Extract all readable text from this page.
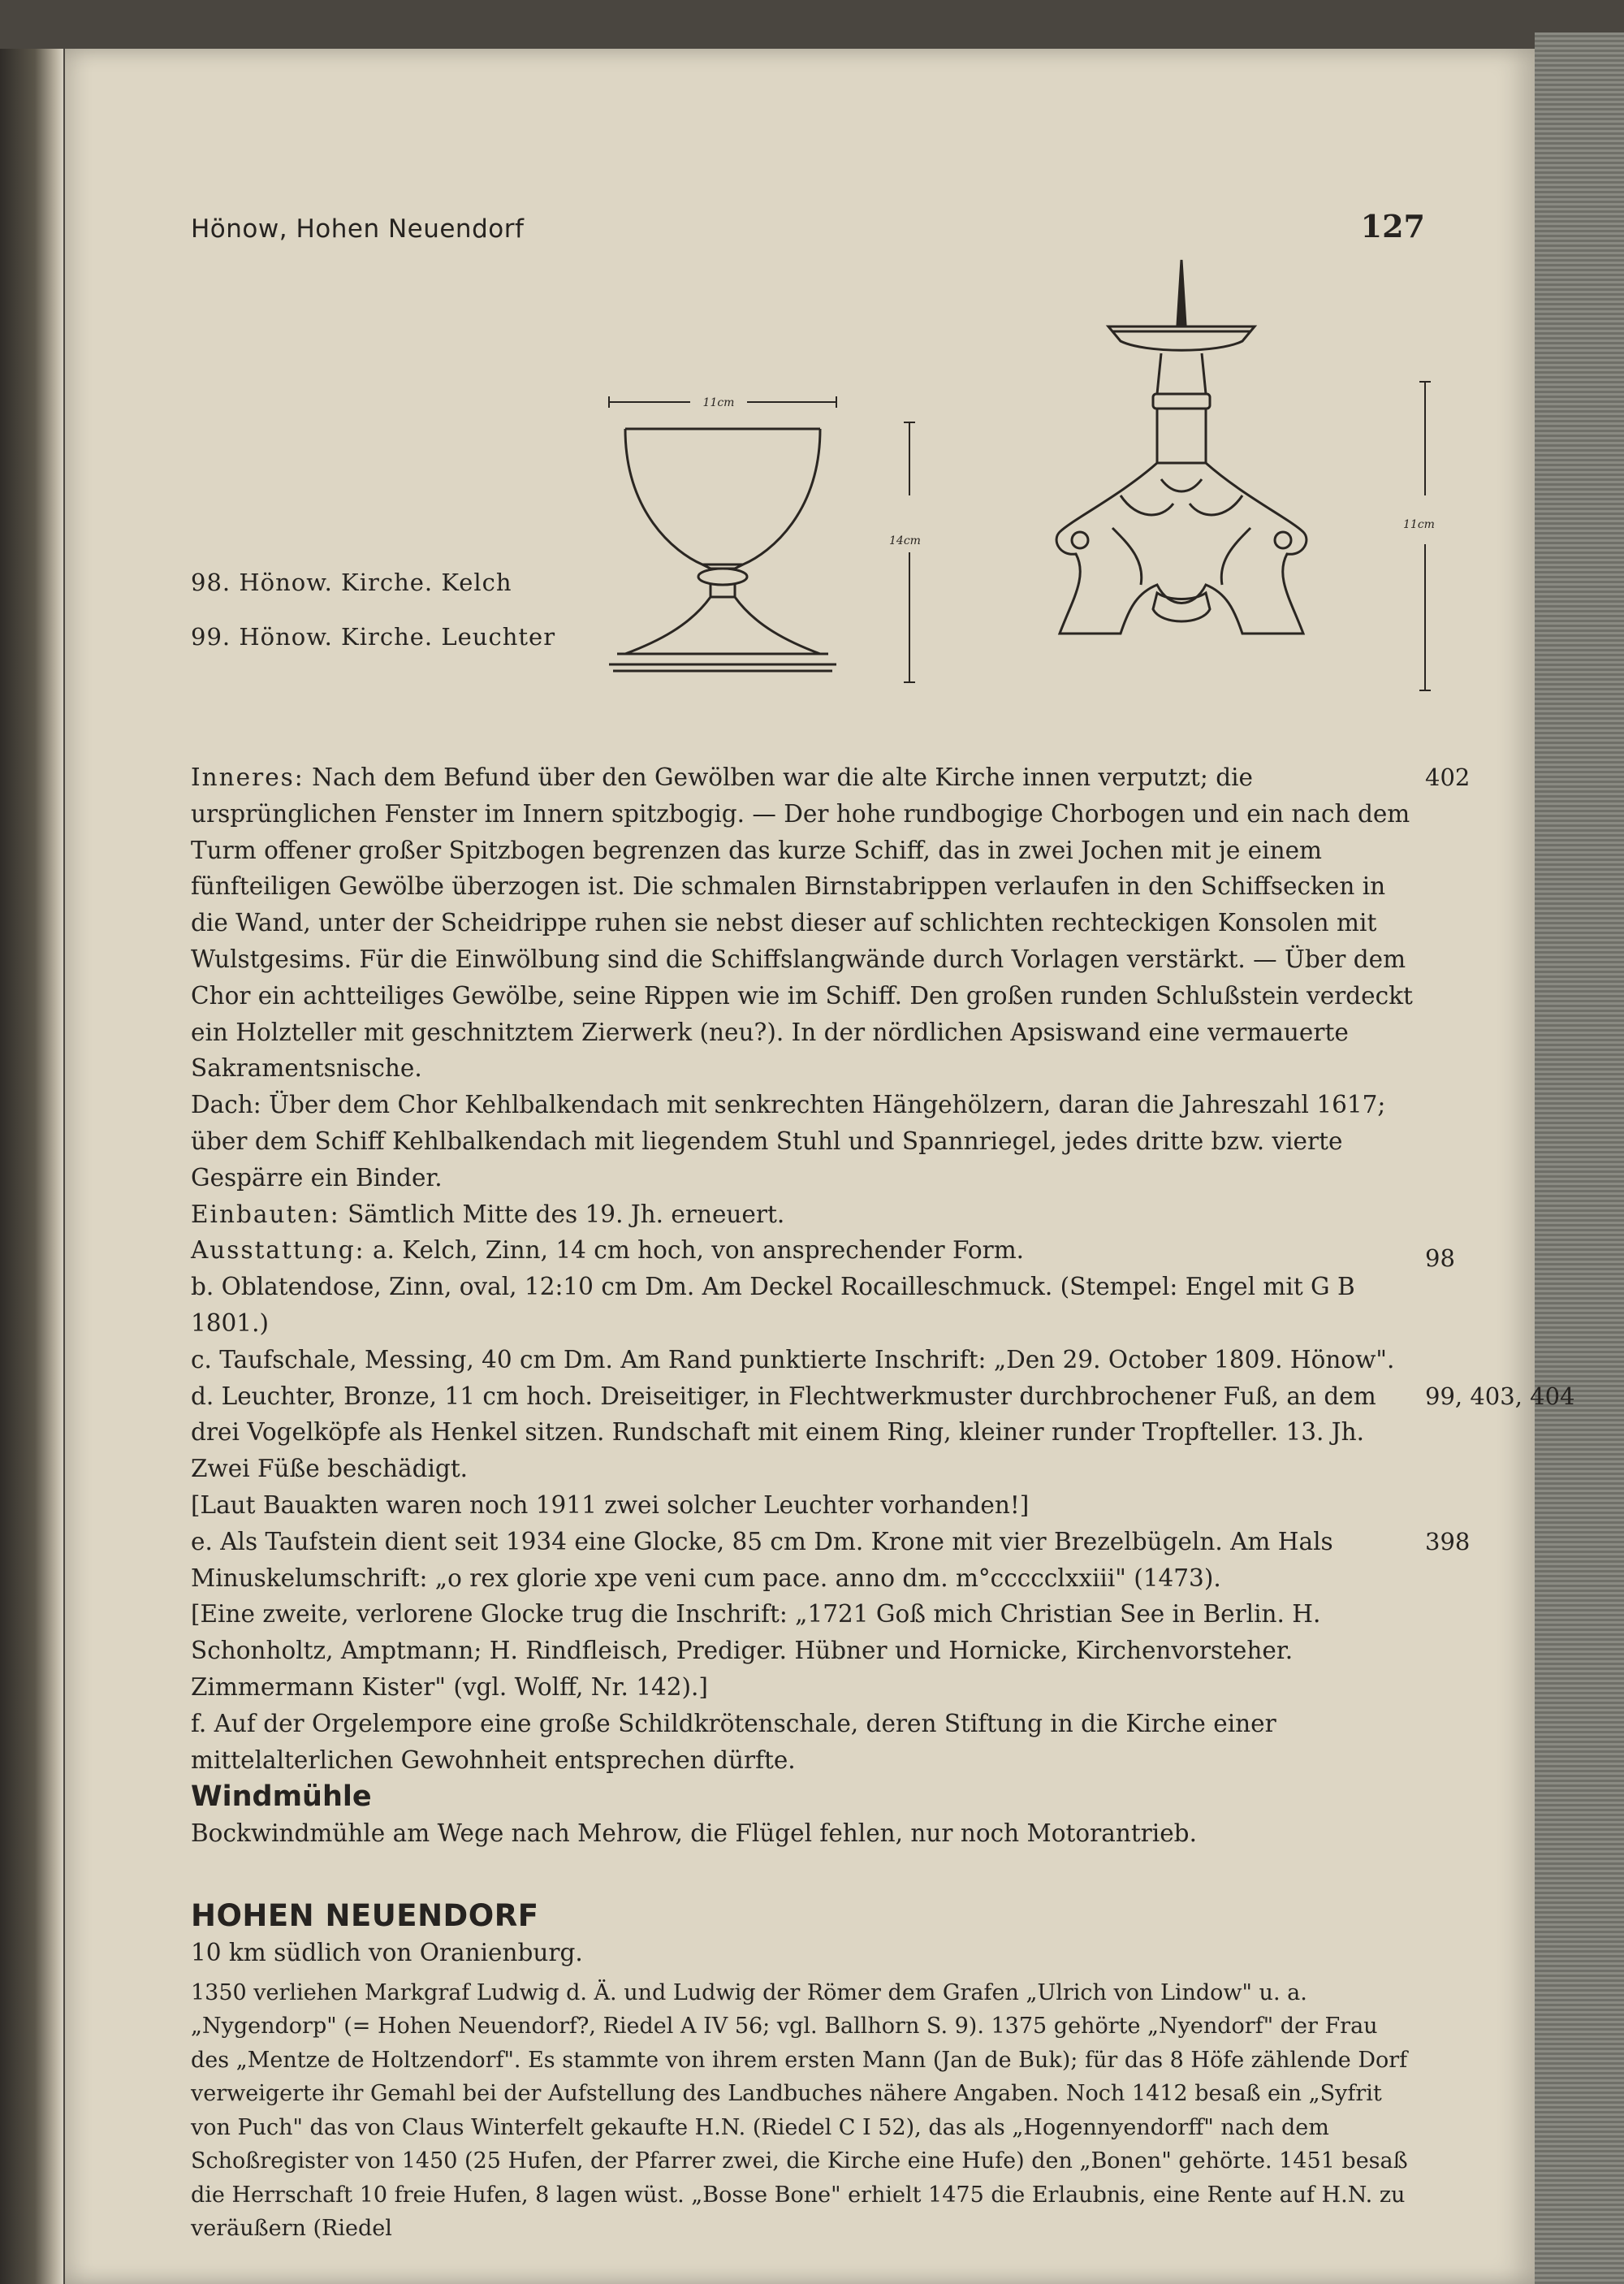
Hönow, Hohen Neuendorf	127
11cm
14cm
11cm
98. Hönow. Kirche. Kelch
99. Hönow. Kirche. Leuchter

Inneres: Nach dem Befund über den Gewölben war die alte Kirche innen verputzt; die ursprünglichen Fenster im Innern spitzbogig. — Der hohe rundbogige Chorbogen und ein nach dem Turm offener großer Spitzbogen begrenzen das kurze Schiff, das in zwei Jochen mit je einem fünfteiligen Gewölbe überzogen ist. Die schmalen Birnstabrippen verlaufen in den Schiffsecken in die Wand, unter der Scheidrippe ruhen sie nebst dieser auf schlichten rechteckigen Konsolen mit Wulstgesims. Für die Einwölbung sind die Schiffslangwände durch Vorlagen verstärkt. — Über dem Chor ein achtteiliges Gewölbe, seine Rippen wie im Schiff. Den großen runden Schlußstein verdeckt ein Holzteller mit geschnitztem Zierwerk (neu?). In der nördlichen Apsiswand eine vermauerte Sakramentsnische.
402

Dach: Über dem Chor Kehlbalkendach mit senkrechten Hängehölzern, daran die Jahreszahl 1617; über dem Schiff Kehlbalkendach mit liegendem Stuhl und Spannriegel, jedes dritte bzw. vierte Gespärre ein Binder.

Einbauten: Sämtlich Mitte des 19. Jh. erneuert.

Ausstattung: a. Kelch, Zinn, 14 cm hoch, von ansprechender Form.	98

b. Oblatendose, Zinn, oval, 12:10 cm Dm. Am Deckel Rocailleschmuck. (Stempel: Engel mit G B 1801.)

c. Taufschale, Messing, 40 cm Dm. Am Rand punktierte Inschrift: „Den 29. October 1809. Hönow".

d. Leuchter, Bronze, 11 cm hoch. Dreiseitiger, in Flechtwerkmuster durchbrochener Fuß, an dem drei Vogelköpfe als Henkel sitzen. Rundschaft mit einem Ring, kleiner runder Tropfteller. 13. Jh. Zwei Füße beschädigt.
99, 403, 404

[Laut Bauakten waren noch 1911 zwei solcher Leuchter vorhanden!]

e. Als Taufstein dient seit 1934 eine Glocke, 85 cm Dm. Krone mit vier Brezelbügeln. Am Hals Minuskelumschrift: „o rex glorie xpe veni cum pace. anno dm. m°ccccclxxiii" (1473).
398

[Eine zweite, verlorene Glocke trug die Inschrift: „1721 Goß mich Christian See in Berlin. H. Schonholtz, Amptmann; H. Rindfleisch, Prediger. Hübner und Hornicke, Kirchenvorsteher. Zimmermann Kister" (vgl. Wolff, Nr. 142).]

f. Auf der Orgelempore eine große Schildkrötenschale, deren Stiftung in die Kirche einer mittelalterlichen Gewohnheit entsprechen dürfte.

Windmühle

Bockwindmühle am Wege nach Mehrow, die Flügel fehlen, nur noch Motorantrieb.

HOHEN NEUENDORF

10 km südlich von Oranienburg.

1350 verliehen Markgraf Ludwig d. Ä. und Ludwig der Römer dem Grafen „Ulrich von Lindow" u. a. „Nygendorp" (= Hohen Neuendorf?, Riedel A IV 56; vgl. Ballhorn S. 9). 1375 gehörte „Nyendorf" der Frau des „Mentze de Holtzendorf". Es stammte von ihrem ersten Mann (Jan de Buk); für das 8 Höfe zählende Dorf verweigerte ihr Gemahl bei der Aufstellung des Landbuches nähere Angaben. Noch 1412 besaß ein „Syfrit von Puch" das von Claus Winterfelt gekaufte H.N. (Riedel C I 52), das als „Hogennyendorff" nach dem Schoßregister von 1450 (25 Hufen, der Pfarrer zwei, die Kirche eine Hufe) den „Bonen" gehörte. 1451 besaß die Herrschaft 10 freie Hufen, 8 lagen wüst. „Bosse Bone" erhielt 1475 die Erlaubnis, eine Rente auf H.N. zu veräußern (Riedel
